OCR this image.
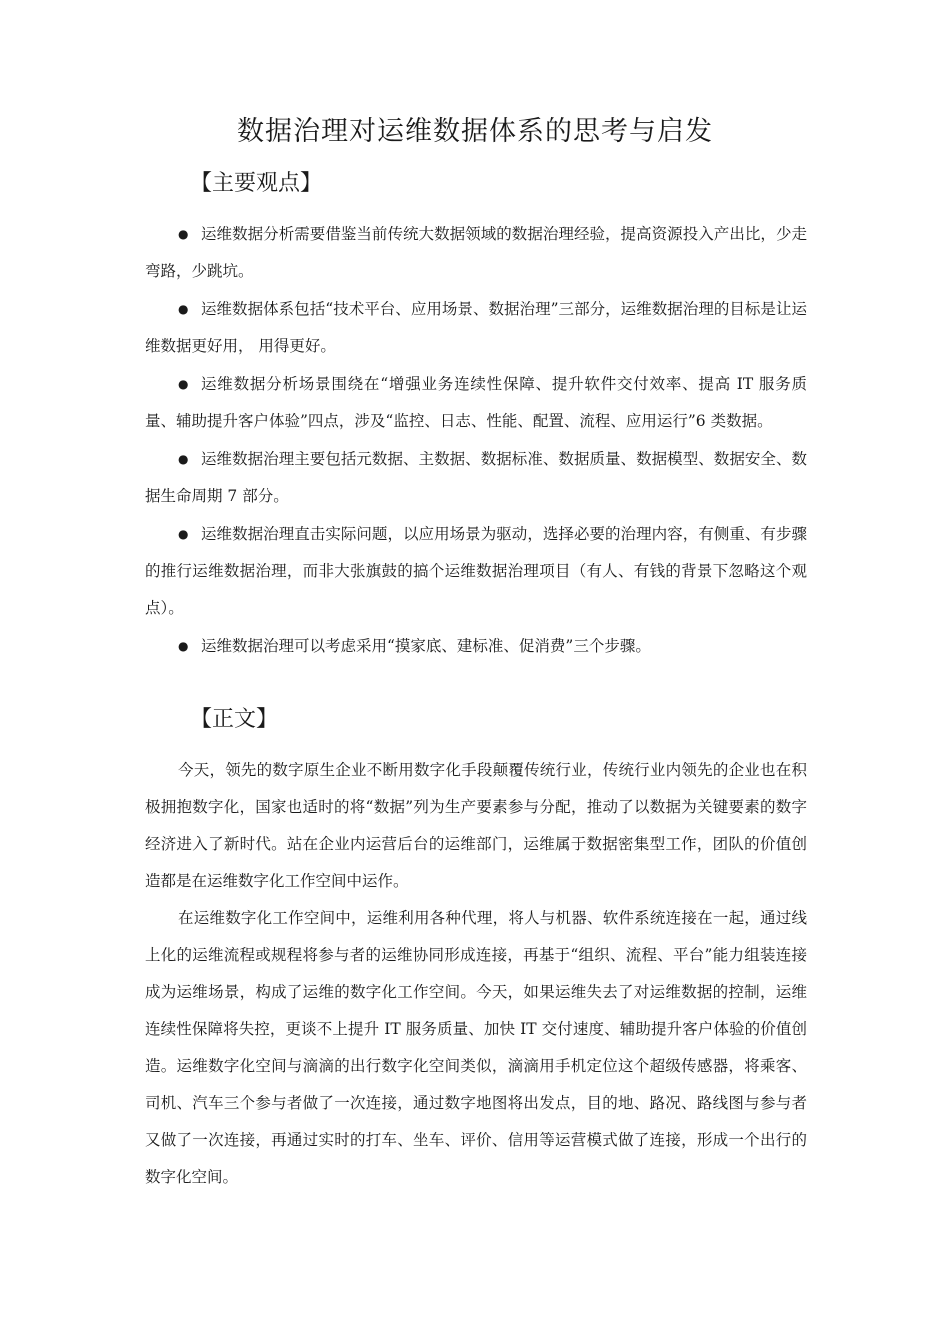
数据治理对运维数据体系的思考与启发
【主要观点】
● 运维数据分析需要借鉴当前传统大数据领域的数据治理经验，提高资源投入产出比，少走弯路，少跳坑。
● 运维数据体系包括“技术平台、应用场景、数据治理”三部分，运维数据治理的目标是让运维数据更好用， 用得更好。
● 运维数据分析场景围绕在“增强业务连续性保障、提升软件交付效率、提高 IT 服务质量、辅助提升客户体验”四点，涉及“监控、日志、性能、配置、流程、应用运行”6 类数据。
● 运维数据治理主要包括元数据、主数据、数据标准、数据质量、数据模型、数据安全、数据生命周期 7 部分。
● 运维数据治理直击实际问题，以应用场景为驱动，选择必要的治理内容，有侧重、有步骤的推行运维数据治理，而非大张旗鼓的搞个运维数据治理项目（有人、有钱的背景下忽略这个观点）。
● 运维数据治理可以考虑采用“摸家底、建标准、促消费”三个步骤。
【正文】

今天，领先的数字原生企业不断用数字化手段颠覆传统行业，传统行业内领先的企业也在积极拥抱数字化，国家也适时的将“数据”列为生产要素参与分配，推动了以数据为关键要素的数字经济进入了新时代。站在企业内运营后台的运维部门，运维属于数据密集型工作，团队的价值创造都是在运维数字化工作空间中运作。

在运维数字化工作空间中，运维利用各种代理，将人与机器、软件系统连接在一起，通过线上化的运维流程或规程将参与者的运维协同形成连接，再基于“组织、流程、平台”能力组装连接成为运维场景，构成了运维的数字化工作空间。今天，如果运维失去了对运维数据的控制，运维连续性保障将失控，更谈不上提升 IT 服务质量、加快 IT 交付速度、辅助提升客户体验的价值创造。运维数字化空间与滴滴的出行数字化空间类似，滴滴用手机定位这个超级传感器，将乘客、司机、汽车三个参与者做了一次连接，通过数字地图将出发点，目的地、路况、路线图与参与者又做了一次连接，再通过实时的打车、坐车、评价、信用等运营模式做了连接，形成一个出行的数字化空间。
